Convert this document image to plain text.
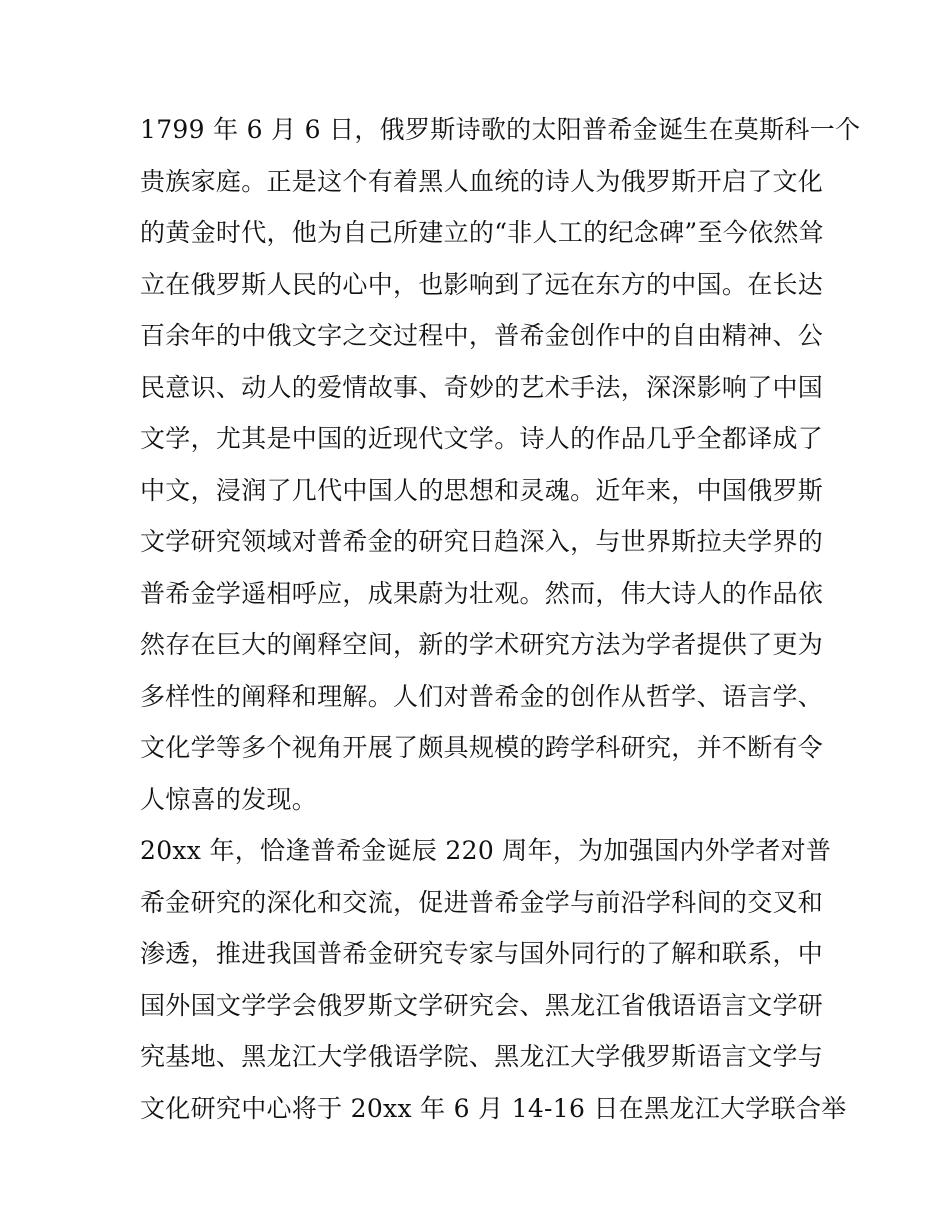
1799 年 6 月 6 日，俄罗斯诗歌的太阳普希金诞生在莫斯科一个
贵族家庭。正是这个有着黑人血统的诗人为俄罗斯开启了文化
的黄金时代，他为自己所建立的“非人工的纪念碑”至今依然耸
立在俄罗斯人民的心中，也影响到了远在东方的中国。在长达
百余年的中俄文字之交过程中，普希金创作中的自由精神、公
民意识、动人的爱情故事、奇妙的艺术手法，深深影响了中国
文学，尤其是中国的近现代文学。诗人的作品几乎全都译成了
中文，浸润了几代中国人的思想和灵魂。近年来，中国俄罗斯
文学研究领域对普希金的研究日趋深入，与世界斯拉夫学界的
普希金学遥相呼应，成果蔚为壮观。然而，伟大诗人的作品依
然存在巨大的阐释空间，新的学术研究方法为学者提供了更为
多样性的阐释和理解。人们对普希金的创作从哲学、语言学、
文化学等多个视角开展了颇具规模的跨学科研究，并不断有令
人惊喜的发现。
20xx 年，恰逢普希金诞辰 220 周年，为加强国内外学者对普
希金研究的深化和交流，促进普希金学与前沿学科间的交叉和
渗透，推进我国普希金研究专家与国外同行的了解和联系，中
国外国文学学会俄罗斯文学研究会、黑龙江省俄语语言文学研
究基地、黑龙江大学俄语学院、黑龙江大学俄罗斯语言文学与
文化研究中心将于 20xx 年 6 月 14-16 日在黑龙江大学联合举
